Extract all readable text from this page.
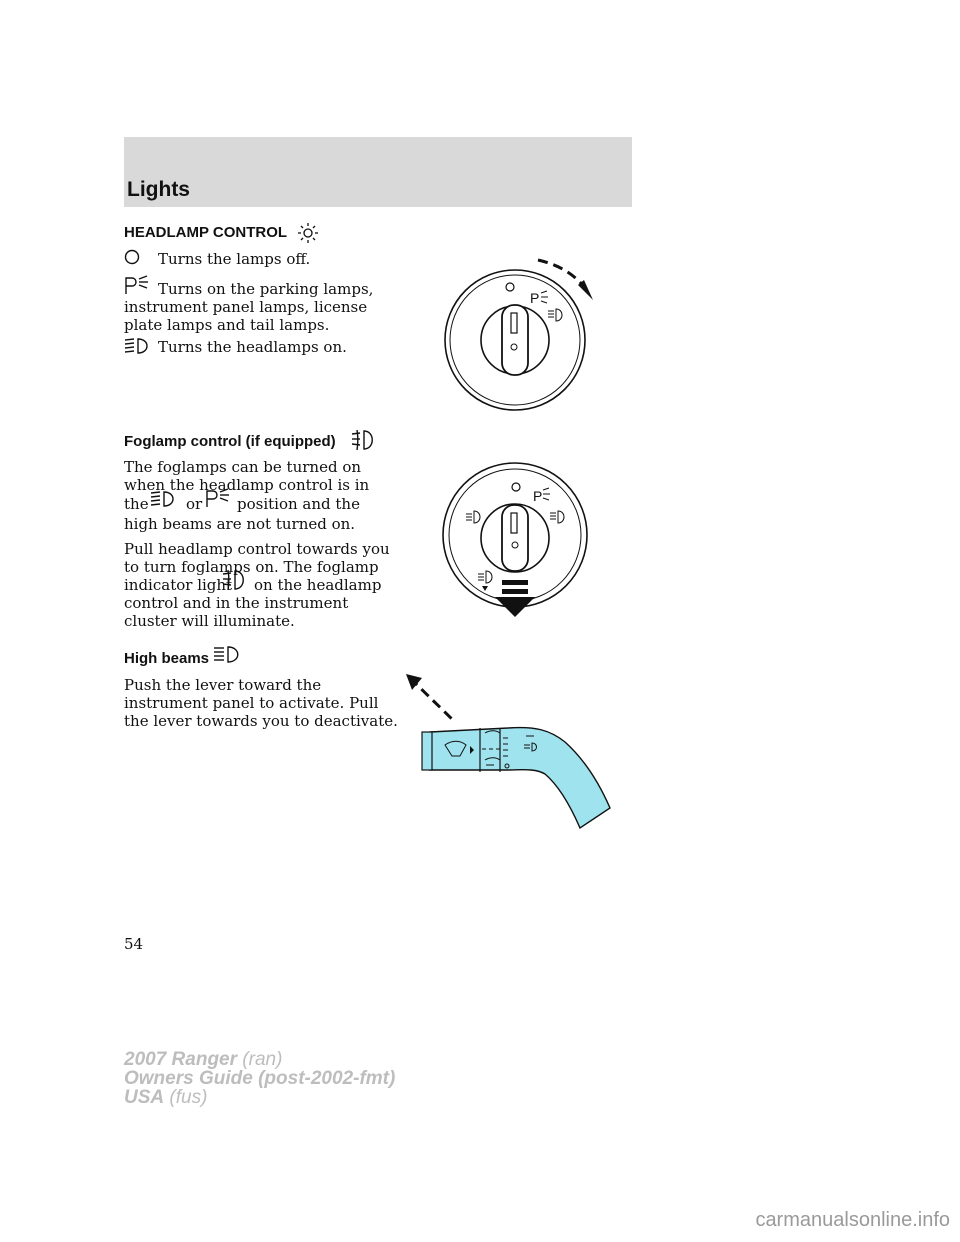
Lights
HEADLAMP CONTROL
Turns the lamps off.
Turns on the parking lamps,
instrument panel lamps, license
plate lamps and tail lamps.
Turns the headlamps on.
P
Foglamp control (if equipped)
The foglamps can be turned on
when the headlamp control is in
the or position and the
high beams are not turned on.
Pull headlamp control towards you
to turn foglamps on. The foglamp
indicator light on the headlamp
control and in the instrument
cluster will illuminate.
P
High beams
Push the lever toward the
instrument panel to activate. Pull
the lever towards you to deactivate.
54
2007 Ranger (ran)
Owners Guide (post-2002-fmt)
USA (fus)
carmanualsonline.info
